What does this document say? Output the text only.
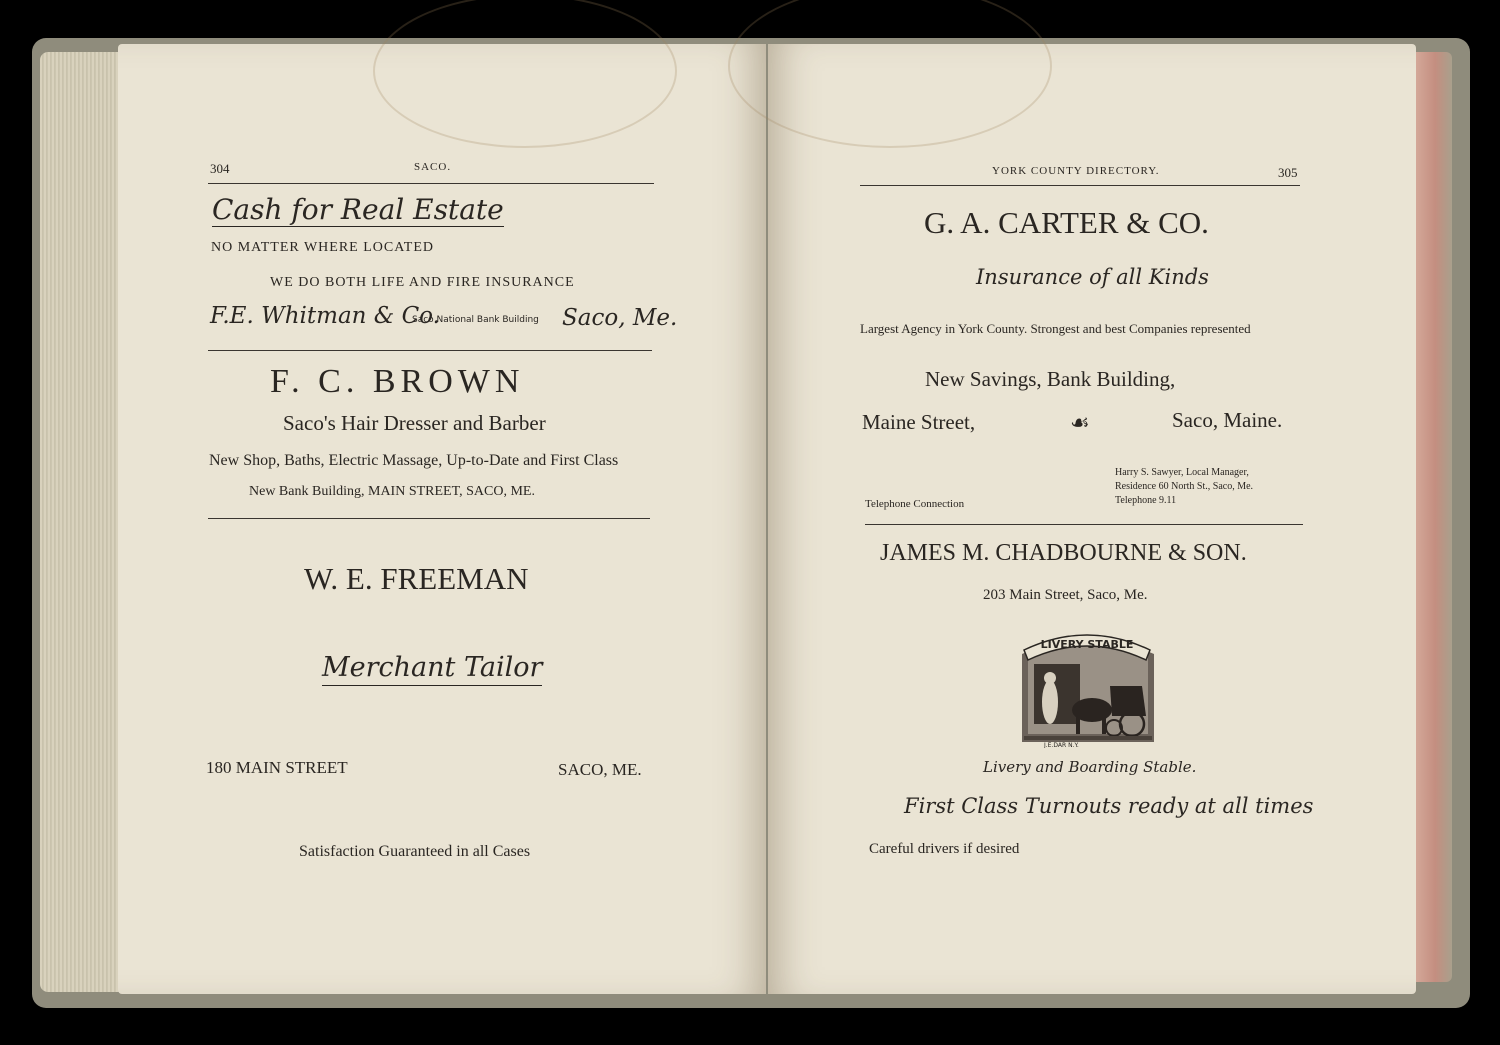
304	SACO.
Cash for Real Estate
NO MATTER WHERE LOCATED
WE DO BOTH LIFE AND FIRE INSURANCE
F.E. Whitman & Co.
Saco National Bank Building Saco, Me.
F. C. BROWN
Saco's Hair Dresser and Barber
New Shop, Baths, Electric Massage, Up-to-Date and First Class
New Bank Building, MAIN STREET, SACO, ME.
W. E. FREEMAN
Merchant Tailor
180 MAIN STREET	SACO, ME.
Satisfaction Guaranteed in all Cases
YORK COUNTY DIRECTORY.	305
G. A. CARTER & CO.
Insurance of all Kinds
Largest Agency in York County. Strongest and best Companies represented
New Savings, Bank Building,
Maine Street,	☙	Saco, Maine.
Harry S. Sawyer, Local Manager,
Residence 60 North St., Saco, Me.
Telephone 9.11
Telephone Connection
JAMES M. CHADBOURNE & SON.
203 Main Street, Saco, Me.
LIVERY STABLE
J.E.DAR N.Y.
Livery and Boarding Stable.
First Class Turnouts ready at all times
Careful drivers if desired
